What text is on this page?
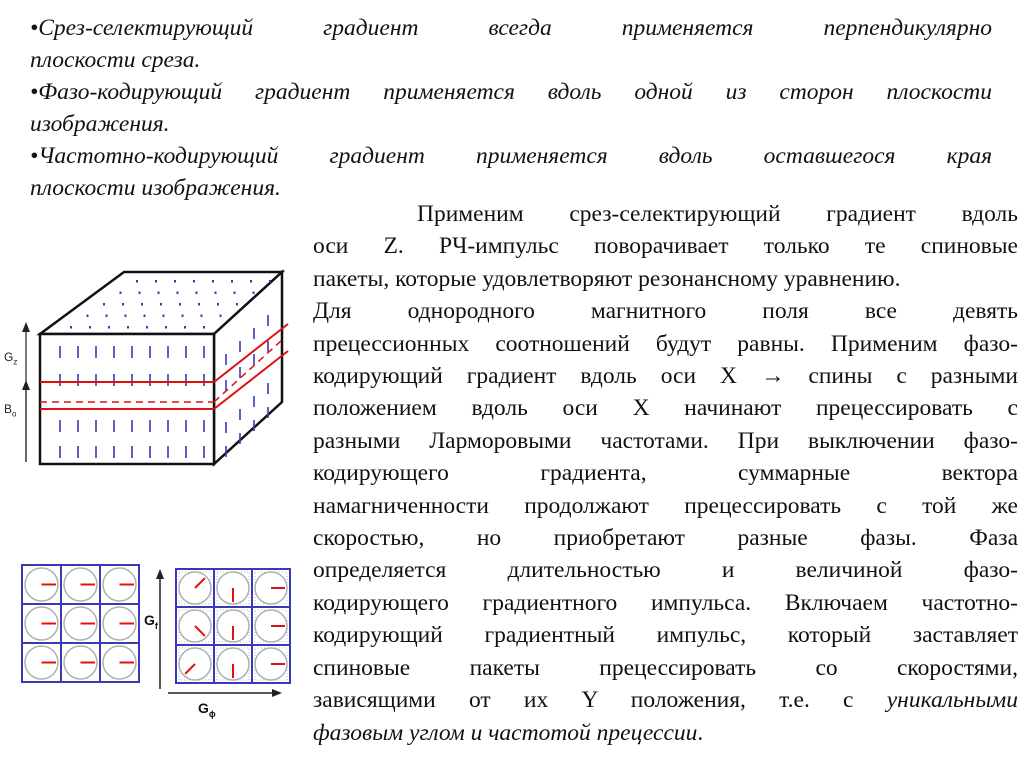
•Срез-селектирующий градиент всегда применяется перпендикулярно
плоскости среза.

•Фазо-кодирующий градиент применяется вдоль одной из сторон плоскости
изображения.

•Частотно-кодирующий градиент применяется вдоль оставшегося края
плоскости изображения.

Применим срез-селектирующий градиент вдоль
оси Z. РЧ-импульс поворачивает только те спиновые
пакеты, которые удовлетворяют резонансному уравнению.
Для однородного магнитного поля все девять
прецессионных соотношений будут равны. Применим фазо-
кодирующий градиент вдоль оси X → спины с разными
положением вдоль оси X начинают прецессировать с
разными Ларморовыми частотами. При выключении фазо-
кодирующего градиента, суммарные вектора
намагниченности продолжают прецессировать с той же
скоростью, но приобретают разные фазы. Фаза
определяется длительностью и величиной фазо-
кодирующего градиентного импульса. Включаем частотно-
кодирующий градиентный импульс, который заставляет
спиновые пакеты прецессировать со скоростями,
зависящими от их Y положения, т.е. с уникальными
фазовым углом и частотой прецессии.
$G_z$
$B_o$
$G_f$
$G_\phi$
